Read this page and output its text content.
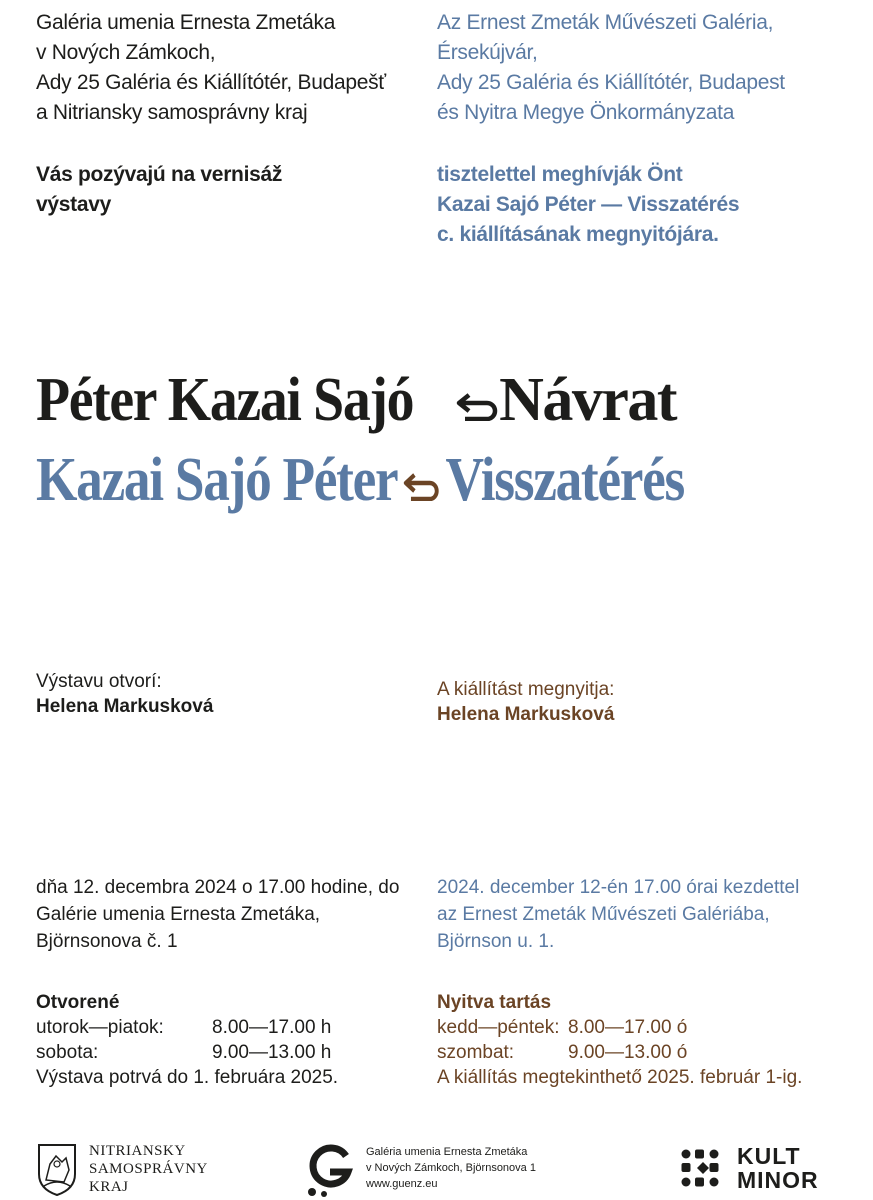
Galéria umenia Ernesta Zmetáka
v Nových Zámkoch,
Ady 25 Galéria és Kiállítótér, Budapešť
a Nitriansky samosprávny kraj
Az Ernest Zmeták Művészeti Galéria,
Érsekújvár,
Ady 25 Galéria és Kiállítótér, Budapest
és Nyitra Megye Önkormányzata
Vás pozývajú na vernisáž
výstavy
tisztelettel meghívják Önt
Kazai Sajó Péter — Visszatérés
c. kiállításának megnyitójára.
Péter Kazai Sajó Návrat
Kazai Sajó Péter Visszatérés
Výstavu otvorí:
Helena Markusková
A kiállítást megnyitja:
Helena Markusková
dňa 12. decembra 2024 o 17.00 hodine, do
Galérie umenia Ernesta Zmetáka,
Björnsonova č. 1
2024. december 12-én 17.00 órai kezdettel
az Ernest Zmeták Művészeti Galériába,
Björnson u. 1.
Otvorené
utorok—piatok:	8.00—17.00 h
sobota:	9.00—13.00 h
Výstava potrvá do 1. februára 2025.
Nyitva tartás
kedd—péntek: 8.00—17.00 ó
szombat:	9.00—13.00 ó
A kiállítás megtekinthető 2025. február 1-ig.
NITRIANSKY
SAMOSPRÁVNY
KRAJ
Galéria umenia Ernesta Zmetáka
v Nových Zámkoch, Björnsonova 1
www.guenz.eu
KULT
MINOR
